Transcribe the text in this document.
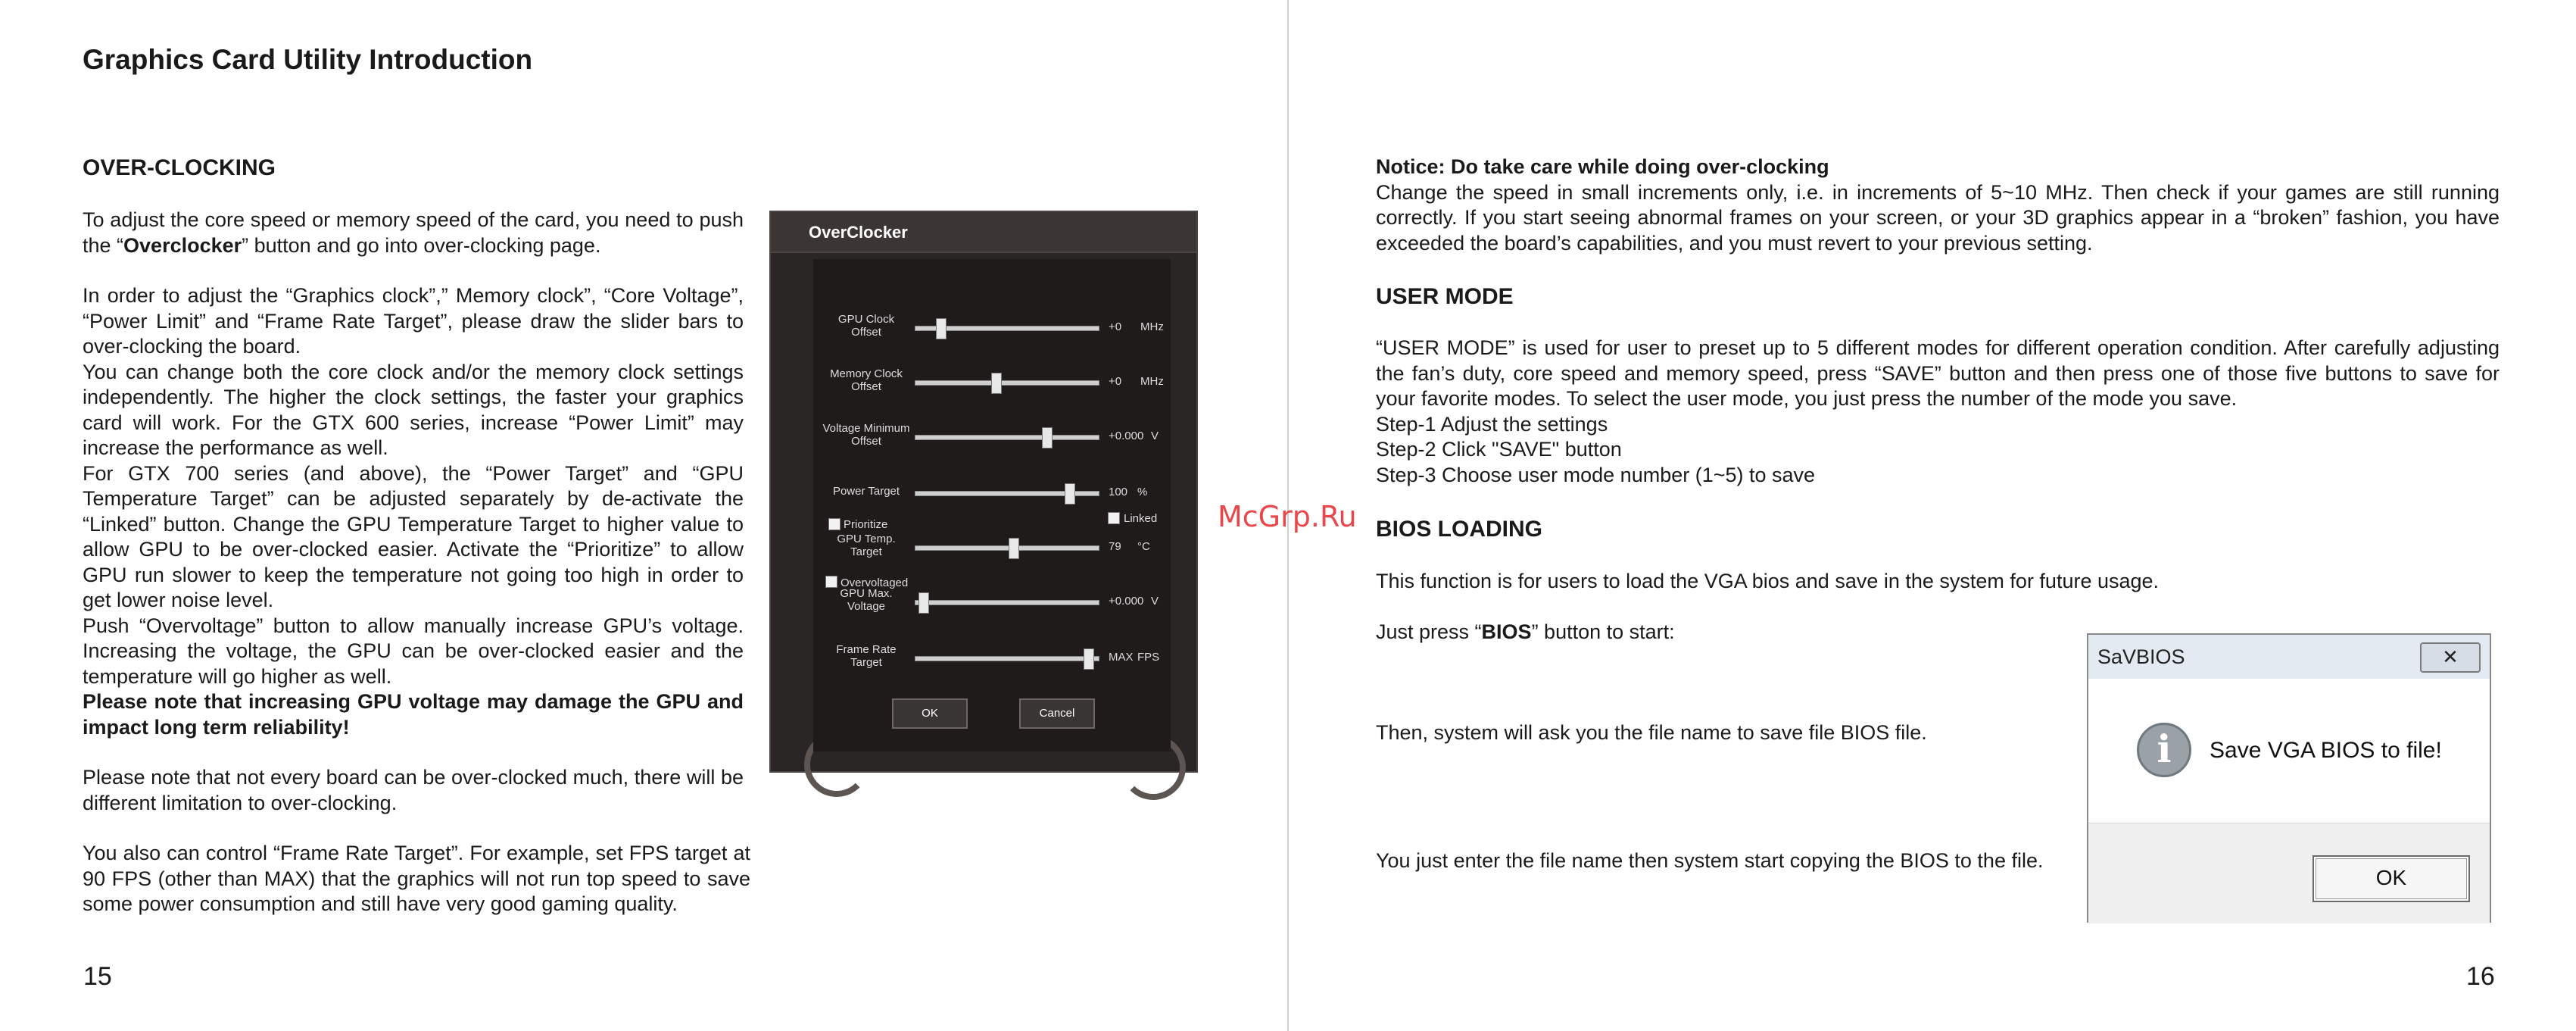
Graphics Card Utility Introduction
OVER-CLOCKING

To adjust the core speed or memory speed of the card, you need to push the “Overclocker” button and go into over-clocking page.

In order to adjust the “Graphics clock”,” Memory clock”, “Core Voltage”, “Power Limit” and “Frame Rate Target”, please draw the slider bars to over-clocking the board.

You can change both the core clock and/or the memory clock settings independently. The higher the clock settings, the faster your graphics card will work. For the GTX 600 series, increase “Power Limit” may increase the performance as well.

For GTX 700 series (and above), the “Power Target” and “GPU Temperature Target” can be adjusted separately by de-activate the “Linked” button. Change the GPU Temperature Target to higher value to allow GPU to be over-clocked easier. Activate the “Prioritize” to allow GPU run slower to keep the temperature not going too high in order to get lower noise level.

Push “Overvoltage” button to allow manually increase GPU’s voltage. Increasing the voltage, the GPU can be over-clocked easier and the temperature will go higher as well.

Please note that increasing GPU voltage may damage the GPU and impact long term reliability!

Please note that not every board can be over-clocked much, there will be different limitation to over-clocking.

You also can control “Frame Rate Target”. For example, set FPS target at 90 FPS (other than MAX) that the graphics will not run top speed to save some power consumption and still have very good gaming quality.

15
OverClocker
GPU Clock
Offset	+0 MHz
Memory Clock
Offset	+0 MHz
Voltage Minimum
Offset	+0.000 V
Power Target	100 %
GPU Temp.
Target	79 °C
GPU Max.
Voltage	+0.000 V
Frame Rate
Target	MAX FPS
Prioritize	Linked
Overvoltaged
OK	Cancel
McGrp.Ru

Notice: Do take care while doing over-clocking

Change the speed in small increments only, i.e. in increments of 5~10 MHz. Then check if your games are still running correctly. If you start seeing abnormal frames on your screen, or your 3D graphics appear in a “broken” fashion, you have exceeded the board’s capabilities, and you must revert to your previous setting.

USER MODE

“USER MODE” is used for user to preset up to 5 different modes for different operation condition. After carefully adjusting the fan’s duty, core speed and memory speed, press “SAVE” button and then press one of those five buttons to save for your favorite modes. To select the user mode, you just press the number of the mode you save.

Step-1 Adjust the settings

Step-2 Click "SAVE" button

Step-3 Choose user mode number (1~5) to save

BIOS LOADING

This function is for users to load the VGA bios and save in the system for future usage.

Just press “BIOS” button to start:

Then, system will ask you the file name to save file BIOS file.

You just enter the file name then system start copying the BIOS to the file.

16
SaVBIOS	✕
i	Save VGA BIOS to file!
OK
